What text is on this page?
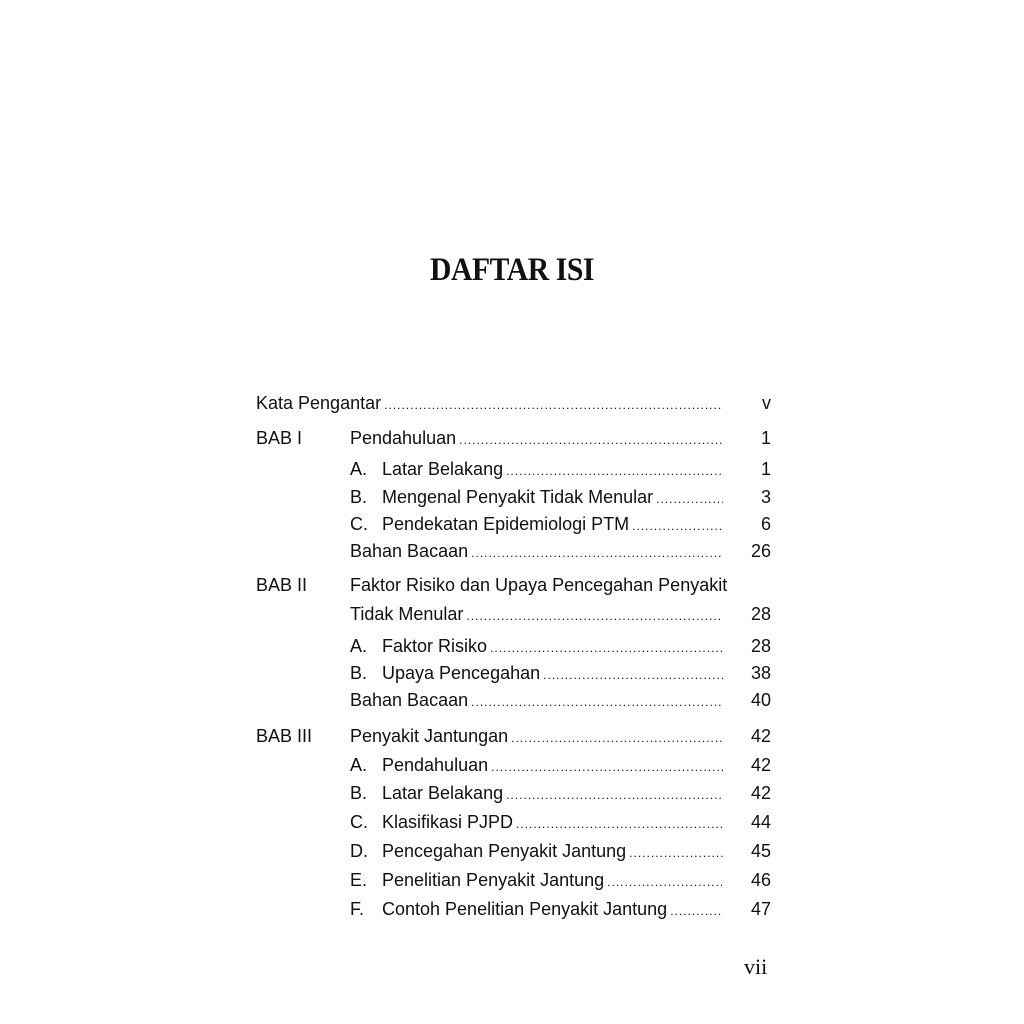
DAFTAR ISI
Kata Pengantar .....	v
BAB I	Pendahuluan .....	1
A. Latar Belakang .....	1
B. Mengenal Penyakit Tidak Menular .....	3
C. Pendekatan Epidemiologi PTM .....	6
Bahan Bacaan .....	26
BAB II Faktor Risiko dan Upaya Pencegahan Penyakit
Tidak Menular .....	28
A. Faktor Risiko .....	28
B. Upaya Pencegahan .....	38
Bahan Bacaan .....	40
BAB III Penyakit Jantungan .....	42
A. Pendahuluan .....	42
B. Latar Belakang .....	42
C. Klasifikasi PJPD .....	44
D. Pencegahan Penyakit Jantung .....	45
E. Penelitian Penyakit Jantung .....	46
F. Contoh Penelitian Penyakit Jantung .....	47
vii
